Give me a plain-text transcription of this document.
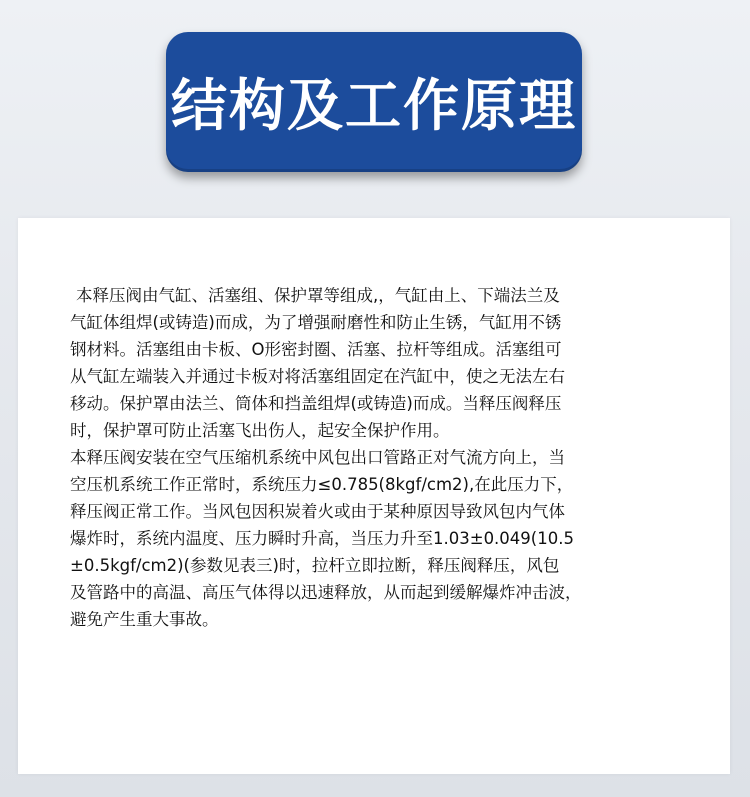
结构及工作原理
本释压阀由气缸、活塞组、保护罩等组成,，气缸由上、下端法兰及
气缸体组焊(或铸造)而成，为了增强耐磨性和防止生锈，气缸用不锈
钢材料。活塞组由卡板、O形密封圈、活塞、拉杆等组成。活塞组可
从气缸左端装入并通过卡板对将活塞组固定在汽缸中，使之无法左右
移动。保护罩由法兰、筒体和挡盖组焊(或铸造)而成。当释压阀释压
时，保护罩可防止活塞飞出伤人，起安全保护作用。
本释压阀安装在空气压缩机系统中风包出口管路正对气流方向上，当
空压机系统工作正常时，系统压力≤0.785(8kgf/cm2),在此压力下，
释压阀正常工作。当风包因积炭着火或由于某种原因导致风包内气体
爆炸时，系统内温度、压力瞬时升高，当压力升至1.03±0.049(10.5
±0.5kgf/cm2)(参数见表三)时，拉杆立即拉断，释压阀释压，风包
及管路中的高温、高压气体得以迅速释放，从而起到缓解爆炸冲击波，
避免产生重大事故。
